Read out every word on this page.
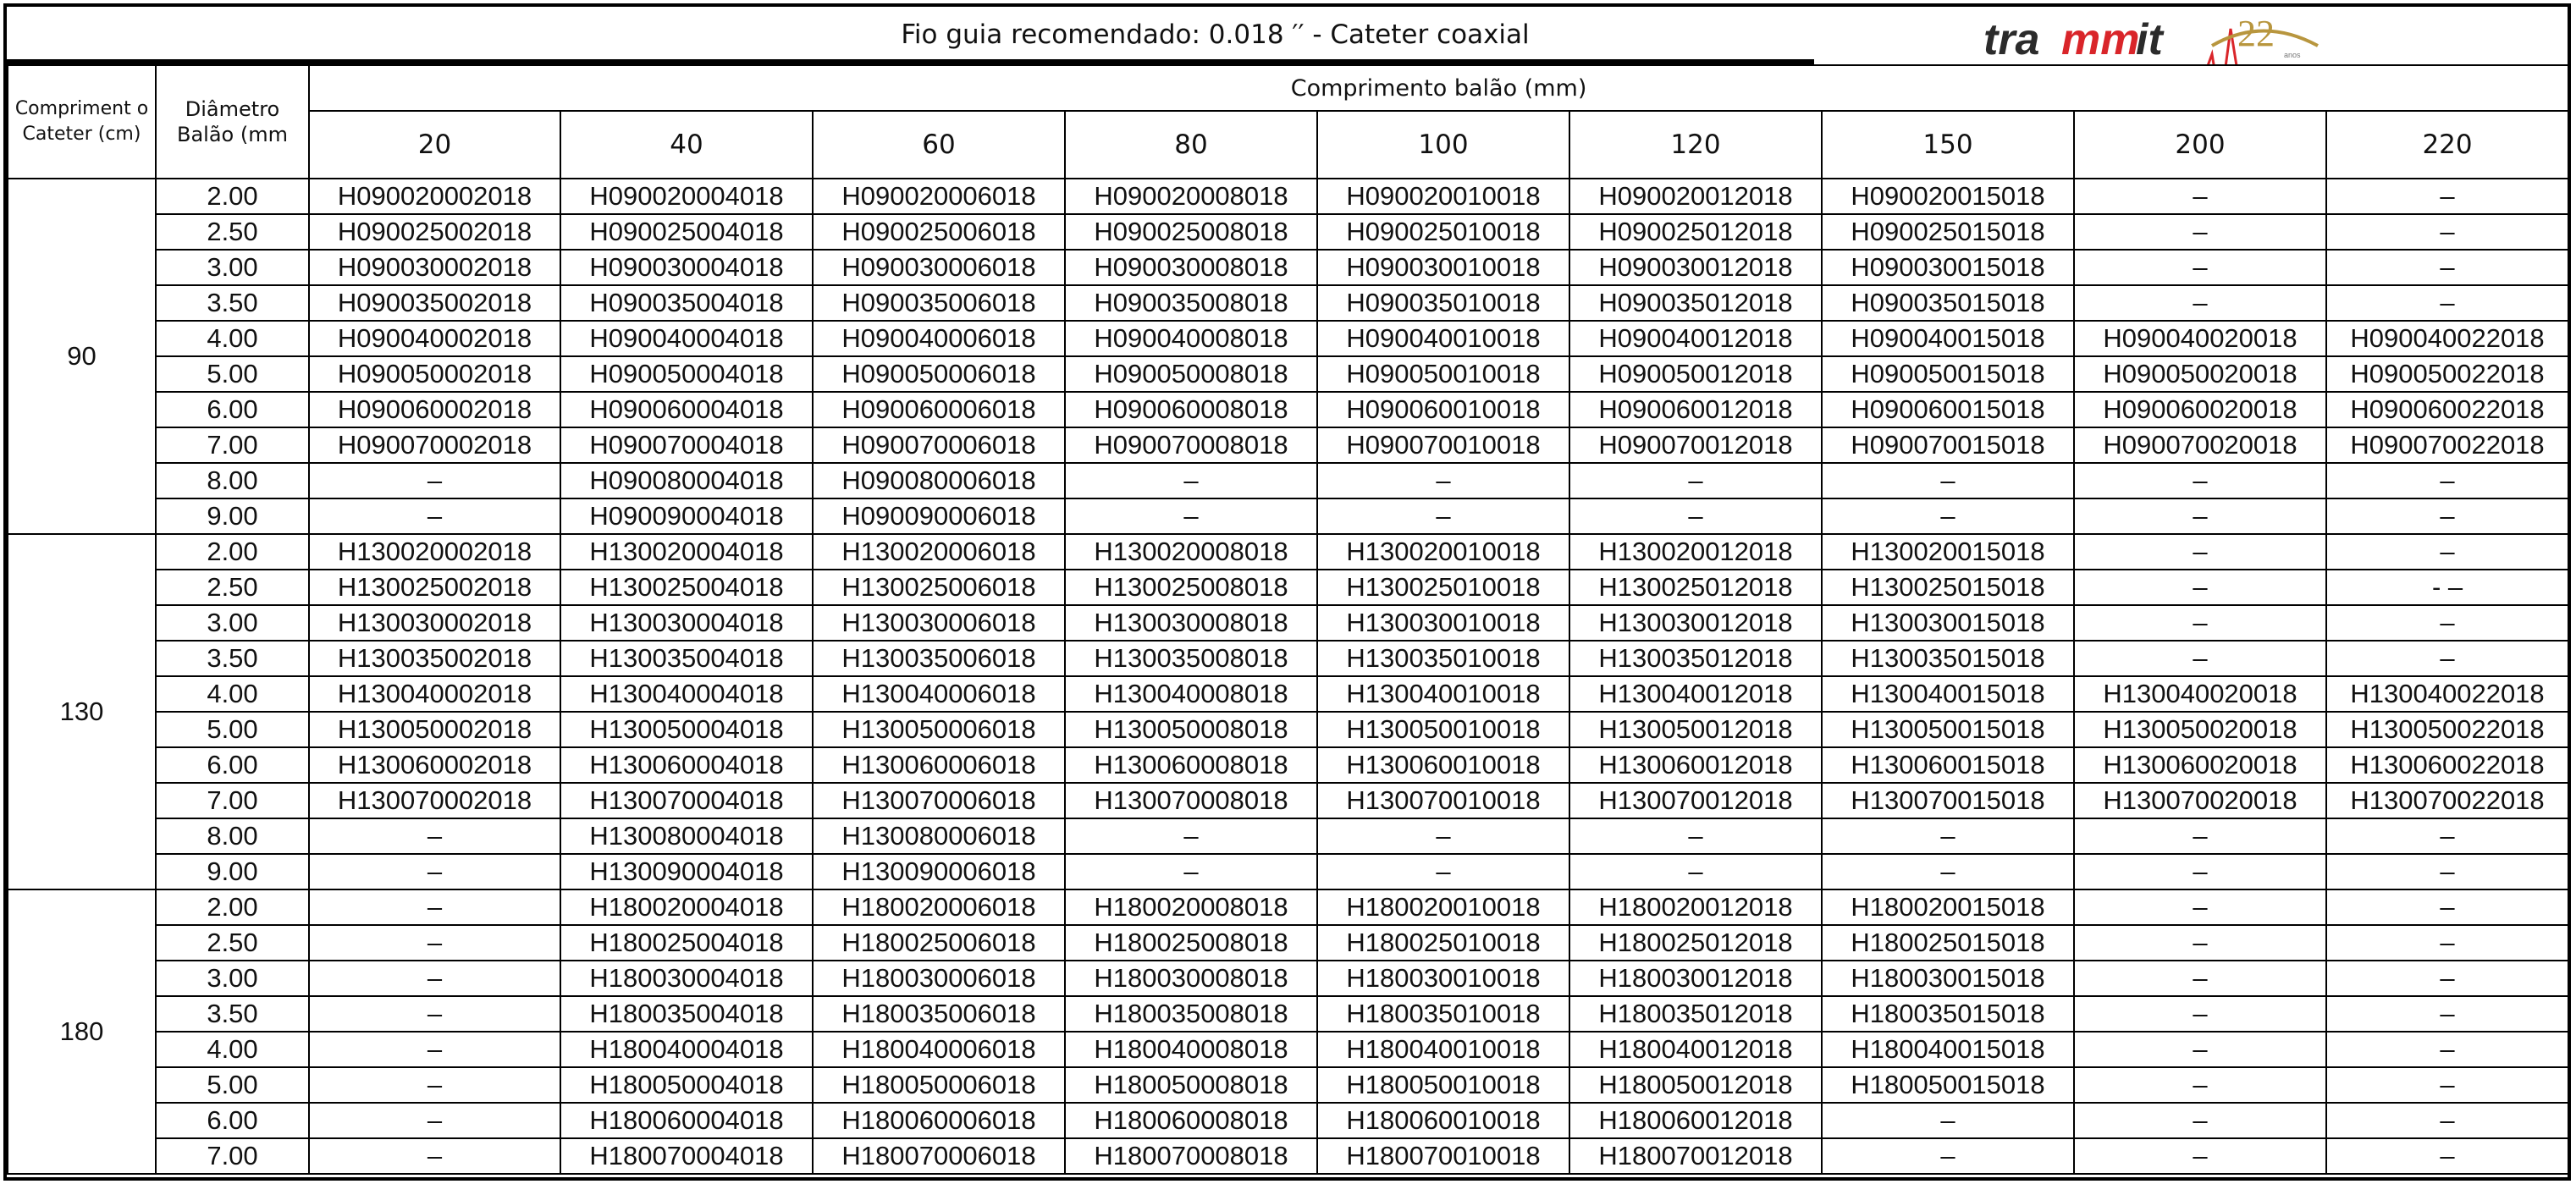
Fio guia recomendado: 0.018 ′′ - Cateter coaxial	tra mm
it 22
anos
Compriment o Cateter (cm)	Diâmetro Balão (mm	Comprimento balão (mm)								
		20	40	60	80	100	120	150	200	220
90	2.00	H090020002018	H090020004018	H090020006018	H090020008018	H090020010018	H090020012018	H090020015018	–	–
	2.50	H090025002018	H090025004018	H090025006018	H090025008018	H090025010018	H090025012018	H090025015018	–	–
	3.00	H090030002018	H090030004018	H090030006018	H090030008018	H090030010018	H090030012018	H090030015018	–	–
	3.50	H090035002018	H090035004018	H090035006018	H090035008018	H090035010018	H090035012018	H090035015018	–	–
	4.00	H090040002018	H090040004018	H090040006018	H090040008018	H090040010018	H090040012018	H090040015018	H090040020018	H090040022018
	5.00	H090050002018	H090050004018	H090050006018	H090050008018	H090050010018	H090050012018	H090050015018	H090050020018	H090050022018
	6.00	H090060002018	H090060004018	H090060006018	H090060008018	H090060010018	H090060012018	H090060015018	H090060020018	H090060022018
	7.00	H090070002018	H090070004018	H090070006018	H090070008018	H090070010018	H090070012018	H090070015018	H090070020018	H090070022018
	8.00	–	H090080004018	H090080006018	–	–	–	–	–	–
	9.00	–	H090090004018	H090090006018	–	–	–	–	–	–
130	2.00	H130020002018	H130020004018	H130020006018	H130020008018	H130020010018	H130020012018	H130020015018	–	–
	2.50	H130025002018	H130025004018	H130025006018	H130025008018	H130025010018	H130025012018	H130025015018	–	- –
	3.00	H130030002018	H130030004018	H130030006018	H130030008018	H130030010018	H130030012018	H130030015018	–	–
	3.50	H130035002018	H130035004018	H130035006018	H130035008018	H130035010018	H130035012018	H130035015018	–	–
	4.00	H130040002018	H130040004018	H130040006018	H130040008018	H130040010018	H130040012018	H130040015018	H130040020018	H130040022018
	5.00	H130050002018	H130050004018	H130050006018	H130050008018	H130050010018	H130050012018	H130050015018	H130050020018	H130050022018
	6.00	H130060002018	H130060004018	H130060006018	H130060008018	H130060010018	H130060012018	H130060015018	H130060020018	H130060022018
	7.00	H130070002018	H130070004018	H130070006018	H130070008018	H130070010018	H130070012018	H130070015018	H130070020018	H130070022018
	8.00	–	H130080004018	H130080006018	–	–	–	–	–	–
	9.00	–	H130090004018	H130090006018	–	–	–	–	–	–
180	2.00	–	H180020004018	H180020006018	H180020008018	H180020010018	H180020012018	H180020015018	–	–
	2.50	–	H180025004018	H180025006018	H180025008018	H180025010018	H180025012018	H180025015018	–	–
	3.00	–	H180030004018	H180030006018	H180030008018	H180030010018	H180030012018	H180030015018	–	–
	3.50	–	H180035004018	H180035006018	H180035008018	H180035010018	H180035012018	H180035015018	–	–
	4.00	–	H180040004018	H180040006018	H180040008018	H180040010018	H180040012018	H180040015018	–	–
	5.00	–	H180050004018	H180050006018	H180050008018	H180050010018	H180050012018	H180050015018	–	–
	6.00	–	H180060004018	H180060006018	H180060008018	H180060010018	H180060012018	–	–	–
	7.00	–	H180070004018	H180070006018	H180070008018	H180070010018	H180070012018	–	–	–
